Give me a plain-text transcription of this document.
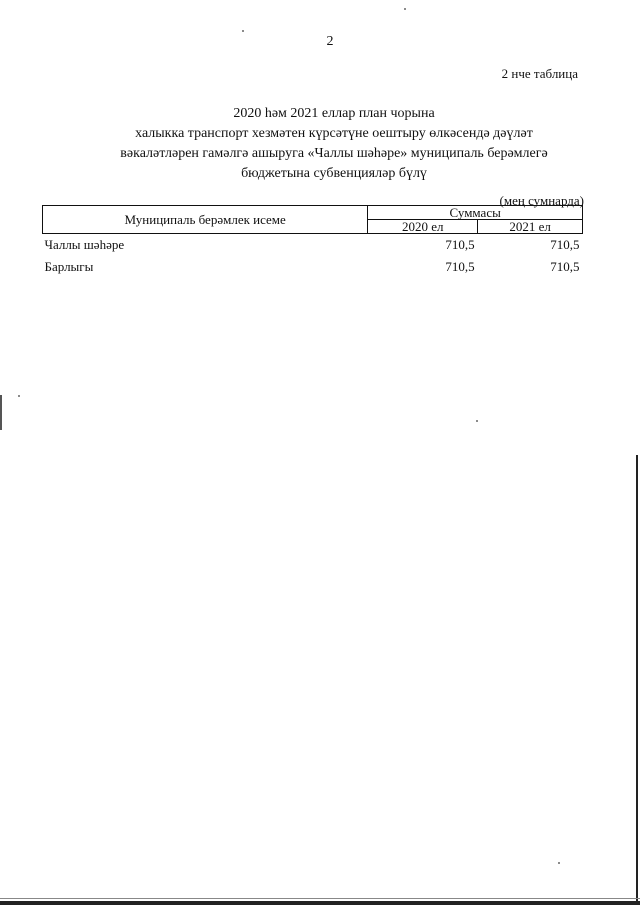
2
2 нче таблица
2020 һәм 2021 еллар план чорына
халыкка транспорт хезмәтен күрсәтүне оештыру өлкәсендә дәүләт
вәкаләтләрен гамәлгә ашыруга «Чаллы шәһәре» муниципаль берәмлегә
бюджетына субвенцияләр бүлү
(мең сумнарда)
Муниципаль берәмлек исеме	Суммасы	
	2020 ел	2021 ел
Чаллы шәһәре	710,5	710,5
Барлыгы	710,5	710,5
